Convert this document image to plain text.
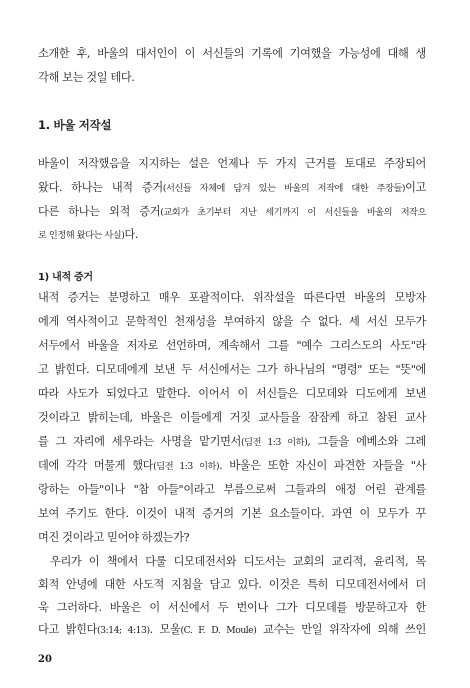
소개한 후, 바울의 대서인이 이 서신들의 기록에 기여했을 가능성에 대해 생
각해 보는 것일 테다.
1. 바울 저작설
바울이 저작했음을 지지하는 설은 언제나 두 가지 근거를 토대로 주장되어
왔다. 하나는 내적 증거(서신들 자체에 담겨 있는 바울의 저작에 대한 주장들)이고
다른 하나는 외적 증거(교회가 초기부터 지난 세기까지 이 서신들을 바울의 저작으
로 인정해 왔다는 사실)다.
1) 내적 증거
내적 증거는 분명하고 매우 포괄적이다. 위작설을 따른다면 바울의 모방자
에게 역사적이고 문학적인 천재성을 부여하지 않을 수 없다. 세 서신 모두가
서두에서 바울을 저자로 선언하며, 계속해서 그를 "예수 그리스도의 사도"라
고 밝힌다. 디모데에게 보낸 두 서신에서는 그가 하나님의 "명령" 또는 "뜻"에
따라 사도가 되었다고 말한다. 이어서 이 서신들은 디모데와 디도에게 보낸
것이라고 밝히는데, 바울은 이들에게 거짓 교사들을 잠잠케 하고 참된 교사
를 그 자리에 세우라는 사명을 맡기면서(딤전 1:3 이하), 그들을 에베소와 그레
데에 각각 머물게 했다(딤전 1:3 이하). 바울은 또한 자신이 파견한 자들을 "사
랑하는 아들"이나 "참 아들"이라고 부름으로써 그들과의 애정 어린 관계를
보여 주기도 한다. 이것이 내적 증거의 기본 요소들이다. 과연 이 모두가 꾸
며진 것이라고 믿어야 하겠는가?
우리가 이 책에서 다룰 디모데전서와 디도서는 교회의 교리적, 윤리적, 목
회적 안녕에 대한 사도적 지침을 담고 있다. 이것은 특히 디모데전서에서 더
욱 그러하다. 바울은 이 서신에서 두 번이나 그가 디모데를 방문하고자 한
다고 밝힌다(3:14; 4:13). 모울(C. F. D. Moule) 교수는 만일 위작자에 의해 쓰인
20
